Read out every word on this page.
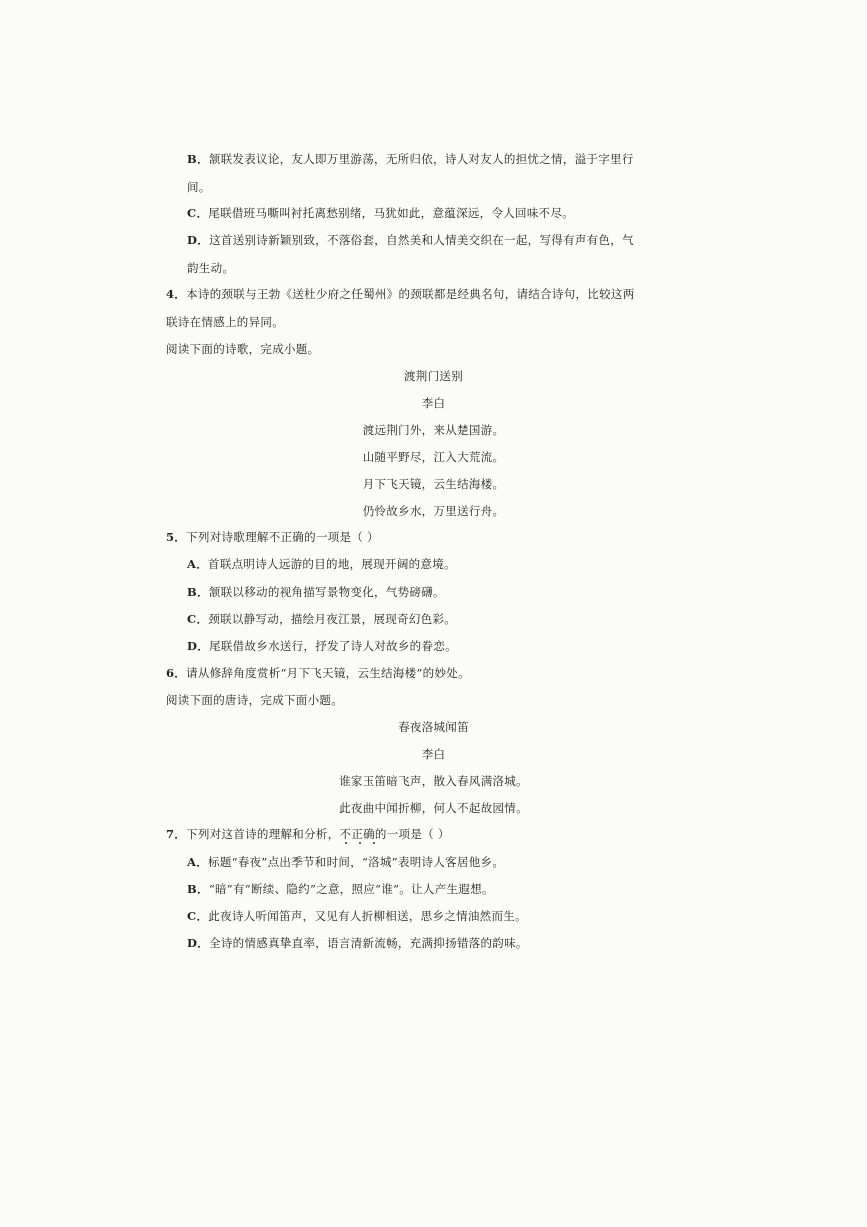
B．颔联发表议论，友人即万里游荡，无所归依，诗人对友人的担忧之情，溢于字里行
间。
C．尾联借班马嘶叫衬托离愁别绪，马犹如此，意蕴深远，令人回味不尽。
D．这首送别诗新颖别致，不落俗套，自然美和人情美交织在一起，写得有声有色，气
韵生动。
4．本诗的颈联与王勃《送杜少府之任蜀州》的颈联都是经典名句，请结合诗句，比较这两
联诗在情感上的异同。
阅读下面的诗歌，完成小题。
渡荆门送别
李白
渡远荆门外，来从楚国游。
山随平野尽，江入大荒流。
月下飞天镜，云生结海楼。
仍怜故乡水，万里送行舟。
5．下列对诗歌理解不正确的一项是（ ）
A．首联点明诗人远游的目的地，展现开阔的意境。
B．颔联以移动的视角描写景物变化，气势磅礴。
C．颈联以静写动，描绘月夜江景，展现奇幻色彩。
D．尾联借故乡水送行，抒发了诗人对故乡的眷恋。
6．请从修辞角度赏析“月下飞天镜，云生结海楼”的妙处。
阅读下面的唐诗，完成下面小题。
春夜洛城闻笛
李白
谁家玉笛暗飞声，散入春风满洛城。
此夜曲中闻折柳，何人不起故园情。
7．下列对这首诗的理解和分析，不正确
的一项是（ ）
A．标题“春夜”点出季节和时间，“洛城”表明诗人客居他乡。
B．“暗”有“断续、隐约”之意，照应“谁”。让人产生遐想。
C．此夜诗人听闻笛声，又见有人折柳相送，思乡之情油然而生。
D．全诗的情感真挚直率，语言清新流畅，充满抑扬错落的韵味。
